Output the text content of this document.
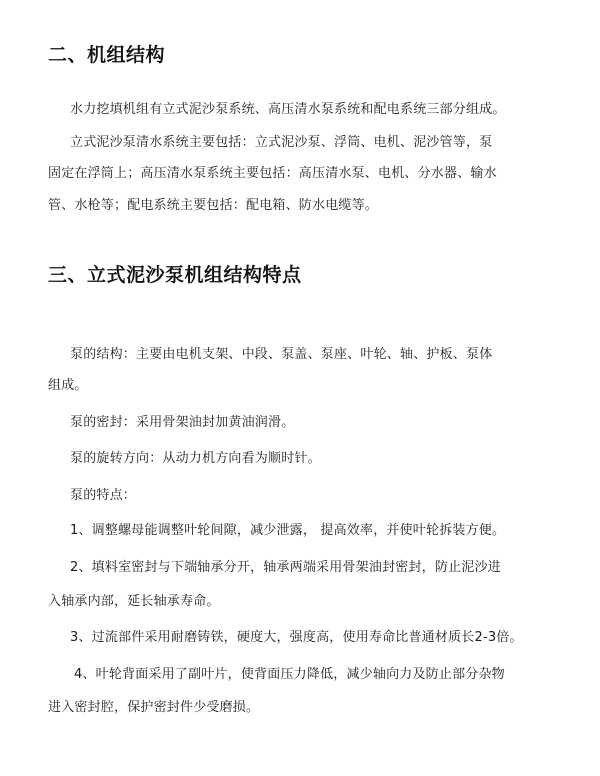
二、机组结构
水力挖填机组有立式泥沙泵系统、高压清水泵系统和配电系统三部分组成。
立式泥沙泵清水系统主要包括：立式泥沙泵、浮筒、电机、泥沙管等，泵
固定在浮筒上；高压清水泵系统主要包括：高压清水泵、电机、分水器、输水
管、水枪等；配电系统主要包括：配电箱、防水电缆等。
三、立式泥沙泵机组结构特点
泵的结构：主要由电机支架、中段、泵盖、泵座、叶轮、轴、护板、泵体
组成。
泵的密封：采用骨架油封加黄油润滑。
泵的旋转方向：从动力机方向看为顺时针。
泵的特点：
1、调整螺母能调整叶轮间隙，减少泄露， 提高效率，并使叶轮拆装方便。
2、填料室密封与下端轴承分开，轴承两端采用骨架油封密封，防止泥沙进
入轴承内部，延长轴承寿命。
3、过流部件采用耐磨铸铁，硬度大，强度高，使用寿命比普通材质长2-3倍。
4、叶轮背面采用了副叶片，使背面压力降低，减少轴向力及防止部分杂物
进入密封腔，保护密封件少受磨损。
